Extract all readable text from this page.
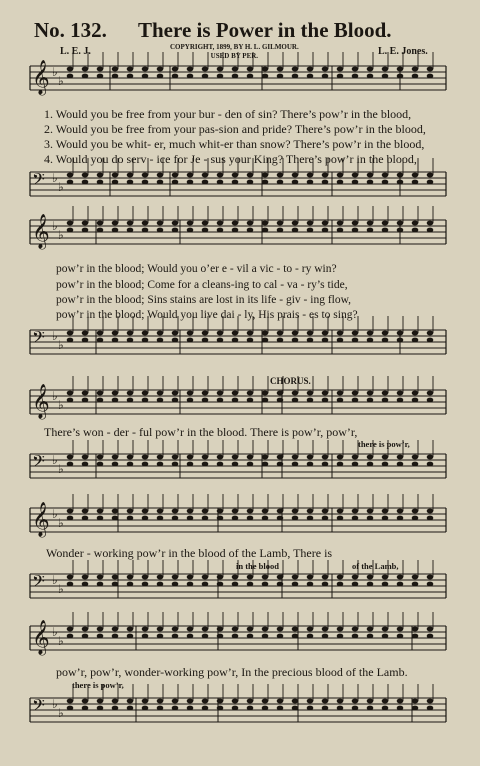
No. 132. There is Power in the Blood.
L. E. J.	COPYRIGHT, 1899, BY H. L. GILMOUR.
USED BY PER.	L. E. Jones.
𝄞 ♭
♭
𝄢 ♭
♭
𝄞 ♭
♭
𝄢 ♭
♭
𝄞 ♭
♭
𝄢 ♭
♭
𝄞 ♭
♭
𝄢 ♭
♭
𝄞 ♭
♭
𝄢 ♭
♭
1. Would you be free from your bur - den of sin? There’s pow’r in the blood,
2. Would you be free from your pas-sion and pride? There’s pow’r in the blood,
3. Would you be whit- er, much whit-er than snow? There’s pow’r in the blood,
4. Would you do serv - ice for Je - sus your King? There’s pow’r in the blood,
pow’r in the blood; Would you o’er e - vil a vic - to - ry win?
pow’r in the blood; Come for a cleans-ing to cal - va - ry’s tide,
pow’r in the blood; Sins stains are lost in its life - giv - ing flow,
pow’r in the blood; Would you live dai - ly, His prais - es to sing?
CHORUS.
There’s won - der - ful pow’r in the blood. There is pow’r, pow’r,
there is pow’r,
Wonder - working pow’r in the blood of the Lamb, There is
in the blood	of the Lamb,
pow’r, pow’r, wonder-working pow’r, In the precious blood of the Lamb.
there is pow’r,
